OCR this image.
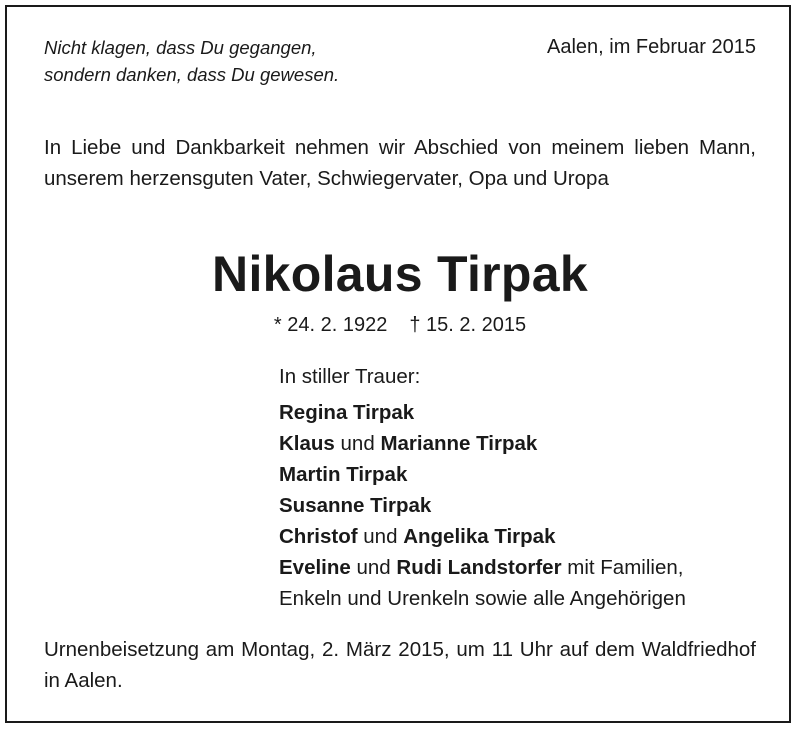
Nicht klagen, dass Du gegangen,
sondern danken, dass Du gewesen.
Aalen, im Februar 2015

In Liebe und Dankbarkeit nehmen wir Abschied von meinem lieben Mann, unserem herzensguten Vater, Schwiegervater, Opa und Uropa

Nikolaus Tirpak
* 24. 2. 1922 † 15. 2. 2015
In stiller Trauer:
Regina Tirpak
Klaus und Marianne Tirpak
Martin Tirpak
Susanne Tirpak
Christof und Angelika Tirpak
Eveline und Rudi Landstorfer mit Familien,
Enkeln und Urenkeln sowie alle Angehörigen

Urnenbeisetzung am Montag, 2. März 2015, um 11 Uhr auf dem Waldfriedhof in Aalen.
